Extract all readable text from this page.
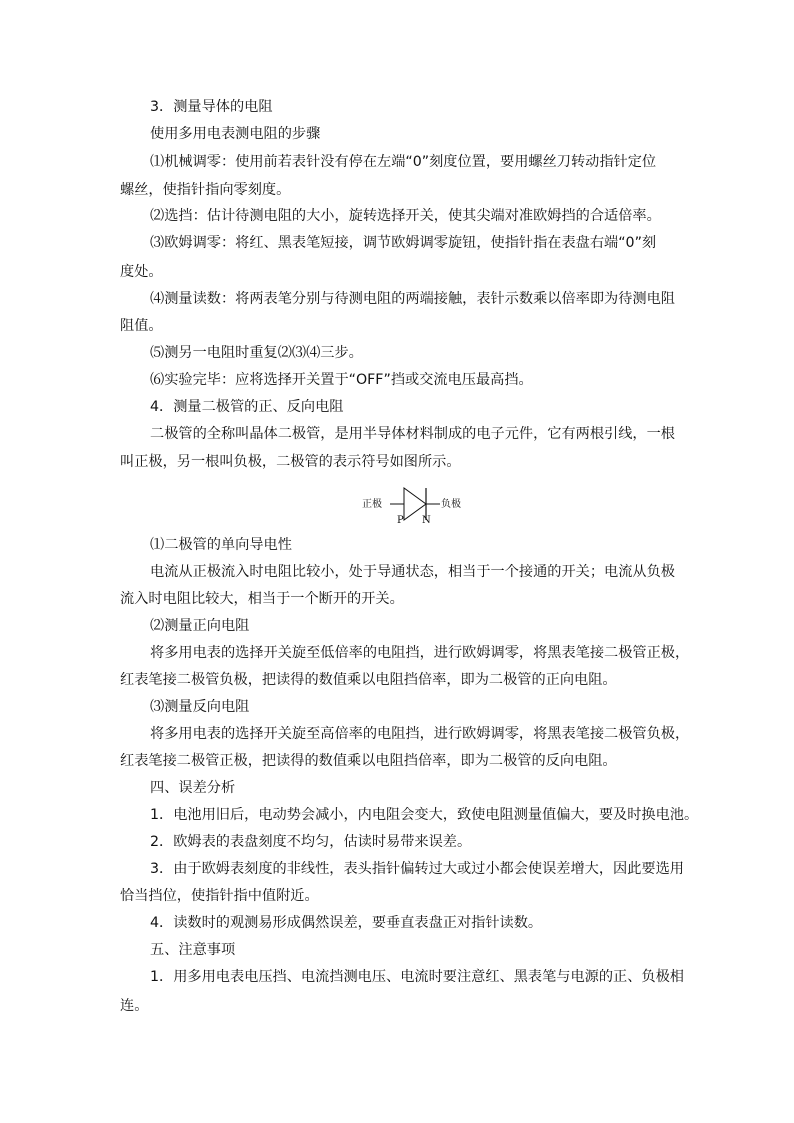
3．测量导体的电阻
使用多用电表测电阻的步骤
⑴机械调零：使用前若表针没有停在左端“0”刻度位置，要用螺丝刀转动指针定位
螺丝，使指针指向零刻度。
⑵选挡：估计待测电阻的大小，旋转选择开关，使其尖端对准欧姆挡的合适倍率。
⑶欧姆调零：将红、黑表笔短接，调节欧姆调零旋钮，使指针指在表盘右端“0”刻
度处。
⑷测量读数：将两表笔分别与待测电阻的两端接触，表针示数乘以倍率即为待测电阻
阻值。
⑸测另一电阻时重复⑵⑶⑷三步。
⑹实验完毕：应将选择开关置于“OFF”挡或交流电压最高挡。
4．测量二极管的正、反向电阻
二极管的全称叫晶体二极管，是用半导体材料制成的电子元件，它有两根引线，一根
叫正极，另一根叫负极，二极管的表示符号如图所示。
正极	负极
P N
⑴二极管的单向导电性
电流从正极流入时电阻比较小，处于导通状态，相当于一个接通的开关；电流从负极
流入时电阻比较大，相当于一个断开的开关。
⑵测量正向电阻
将多用电表的选择开关旋至低倍率的电阻挡，进行欧姆调零，将黑表笔接二极管正极，
红表笔接二极管负极，把读得的数值乘以电阻挡倍率，即为二极管的正向电阻。
⑶测量反向电阻
将多用电表的选择开关旋至高倍率的电阻挡，进行欧姆调零，将黑表笔接二极管负极，
红表笔接二极管正极，把读得的数值乘以电阻挡倍率，即为二极管的反向电阻。
四、误差分析
1．电池用旧后，电动势会减小，内电阻会变大，致使电阻测量值偏大，要及时换电池。
2．欧姆表的表盘刻度不均匀，估读时易带来误差。
3．由于欧姆表刻度的非线性，表头指针偏转过大或过小都会使误差增大，因此要选用
恰当挡位，使指针指中值附近。
4．读数时的观测易形成偶然误差，要垂直表盘正对指针读数。
五、注意事项
1．用多用电表电压挡、电流挡测电压、电流时要注意红、黑表笔与电源的正、负极相
连。
